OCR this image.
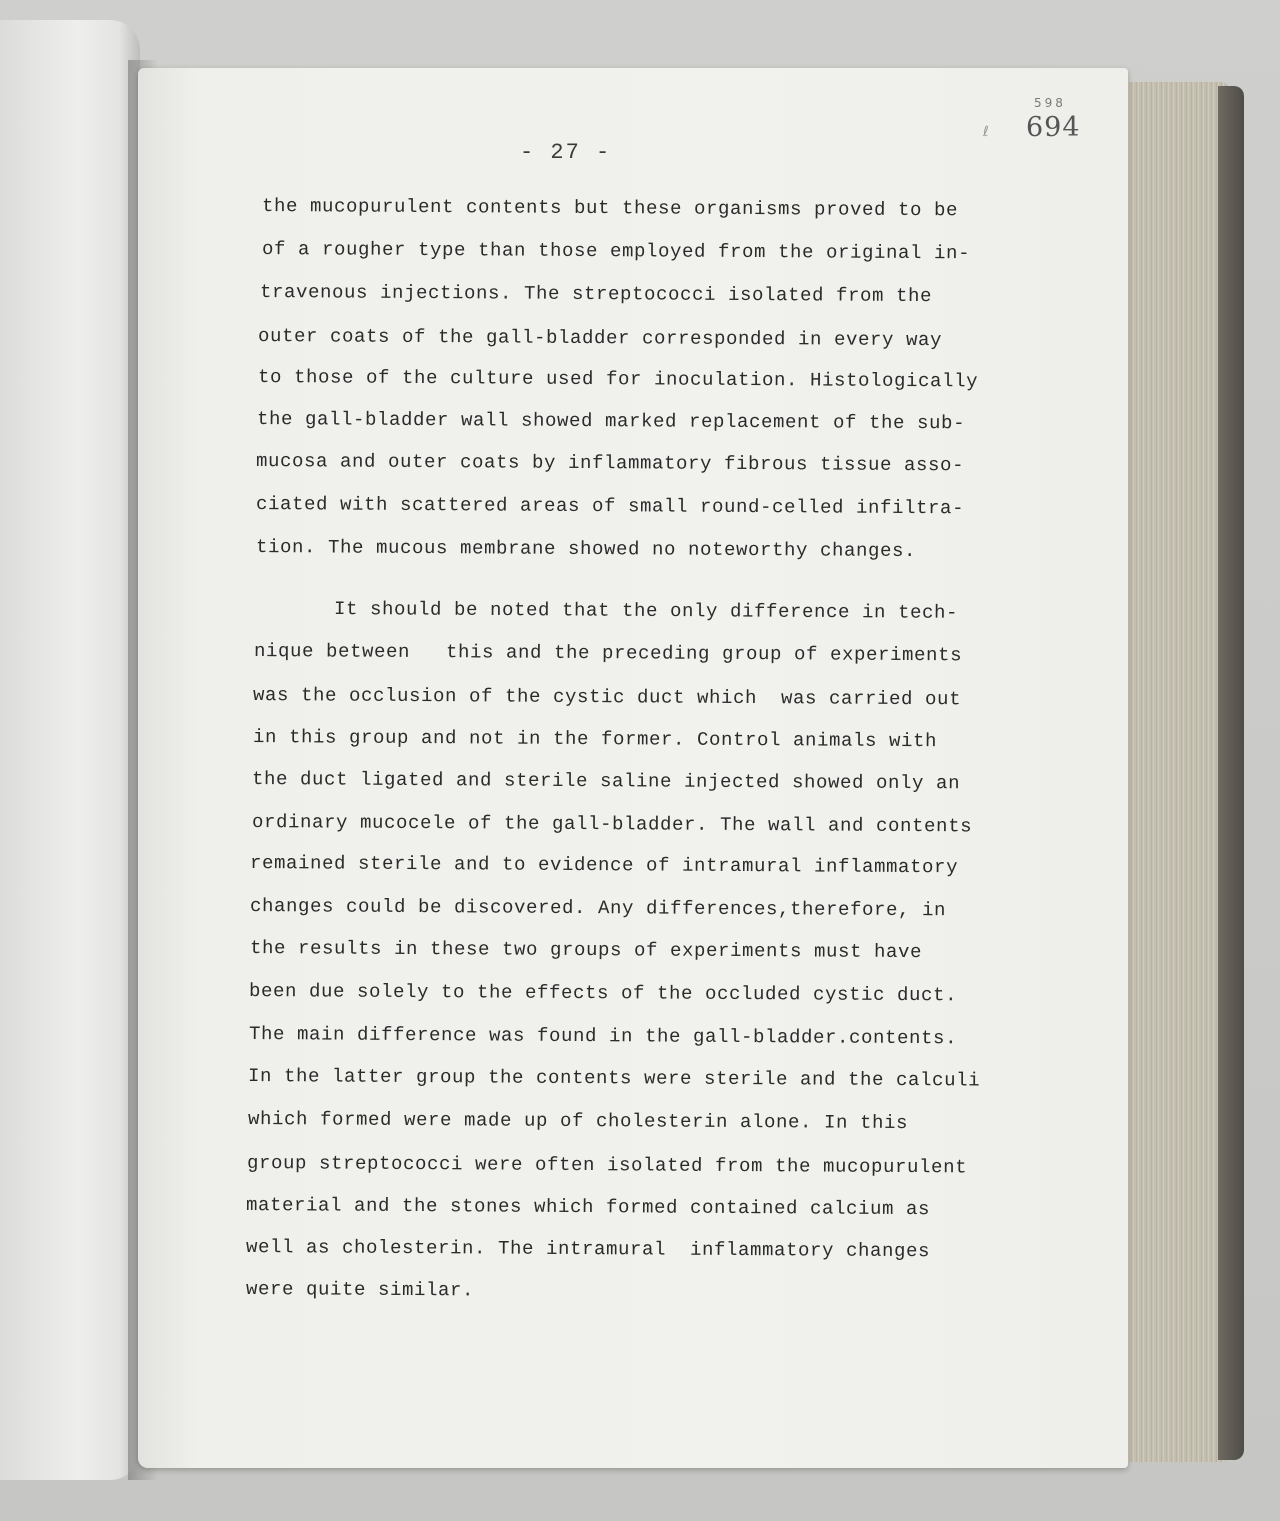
- 27 -
598
694
ℓ
the mucopurulent contents but these organisms proved to be
of a rougher type than those employed from the original in-
travenous injections. The streptococci isolated from the
outer coats of the gall-bladder corresponded in every way
to those of the culture used for inoculation. Histologically
the gall-bladder wall showed marked replacement of the sub-
mucosa and outer coats by inflammatory fibrous tissue asso-
ciated with scattered areas of small round-celled infiltra-
tion. The mucous membrane showed no noteworthy changes.
It should be noted that the only difference in tech-
nique between   this and the preceding group of experiments
was the occlusion of the cystic duct which  was carried out
in this group and not in the former. Control animals with
the duct ligated and sterile saline injected showed only an
ordinary mucocele of the gall-bladder. The wall and contents
remained sterile and to evidence of intramural inflammatory
changes could be discovered. Any differences,therefore, in
the results in these two groups of experiments must have
been due solely to the effects of the occluded cystic duct.
The main difference was found in the gall-bladder.contents.
In the latter group the contents were sterile and the calculi
which formed were made up of cholesterin alone. In this
group streptococci were often isolated from the mucopurulent
material and the stones which formed contained calcium as
well as cholesterin. The intramural  inflammatory changes
were quite similar.
